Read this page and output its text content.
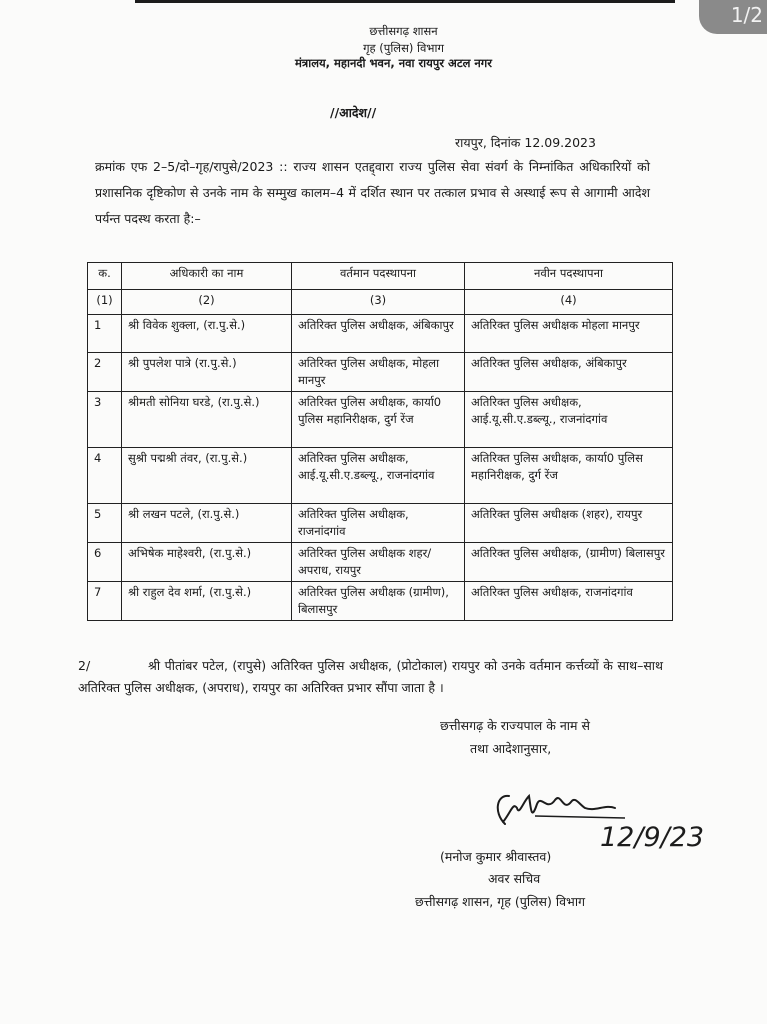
1/2
छत्तीसगढ़ शासन
गृह (पुलिस) विभाग
मंत्रालय, महानदी भवन, नवा रायपुर अटल नगर
//आदेश//
रायपुर, दिनांक 12.09.2023
क्रमांक एफ 2–5/दो–गृह/रापुसे/2023 :: राज्य शासन एतद्द्वारा राज्य पुलिस सेवा संवर्ग के निम्नांकित अधिकारियों को प्रशासनिक दृष्टिकोण से उनके नाम के सम्मुख कालम–4 में दर्शित स्थान पर तत्काल प्रभाव से अस्थाई रूप से आगामी आदेश पर्यन्त पदस्थ करता है:–
क.	अधिकारी का नाम	वर्तमान पदस्थापना	नवीन पदस्थापना
(1)	(2)	(3)	(4)
1	श्री विवेक शुक्ला, (रा.पु.से.)	अतिरिक्त पुलिस अधीक्षक, अंबिकापुर	अतिरिक्त पुलिस अधीक्षक मोहला मानपुर
2	श्री पुपलेश पात्रे (रा.पु.से.)	अतिरिक्त पुलिस अधीक्षक, मोहला मानपुर	अतिरिक्त पुलिस अधीक्षक, अंबिकापुर
3	श्रीमती सोनिया घरडे, (रा.पु.से.)	अतिरिक्त पुलिस अधीक्षक, कार्या0 पुलिस महानिरीक्षक, दुर्ग रेंज	अतिरिक्त पुलिस अधीक्षक, आई.यू.सी.ए.डब्ल्यू., राजनांदगांव
4	सुश्री पद्मश्री तंवर, (रा.पु.से.)	अतिरिक्त पुलिस अधीक्षक, आई.यू.सी.ए.डब्ल्यू., राजनांदगांव	अतिरिक्त पुलिस अधीक्षक, कार्या0 पुलिस महानिरीक्षक, दुर्ग रेंज
5	श्री लखन पटले, (रा.पु.से.)	अतिरिक्त पुलिस अधीक्षक, राजनांदगांव	अतिरिक्त पुलिस अधीक्षक (शहर), रायपुर
6	अभिषेक माहेश्वरी, (रा.पु.से.)	अतिरिक्त पुलिस अधीक्षक शहर/अपराध, रायपुर	अतिरिक्त पुलिस अधीक्षक, (ग्रामीण) बिलासपुर
7	श्री राहुल देव शर्मा, (रा.पु.से.)	अतिरिक्त पुलिस अधीक्षक (ग्रामीण), बिलासपुर	अतिरिक्त पुलिस अधीक्षक, राजनांदगांव
2/	श्री पीतांबर पटेल, (रापुसे) अतिरिक्त पुलिस अधीक्षक, (प्रोटोकाल) रायपुर को उनके वर्तमान कर्त्तव्यों के साथ–साथ अतिरिक्त पुलिस अधीक्षक, (अपराध), रायपुर का अतिरिक्त प्रभार सौंपा जाता है ।
छत्तीसगढ़ के राज्यपाल के नाम से
तथा आदेशानुसार,
12/9/23
(मनोज कुमार श्रीवास्तव)
अवर सचिव
छत्तीसगढ़ शासन, गृह (पुलिस) विभाग
